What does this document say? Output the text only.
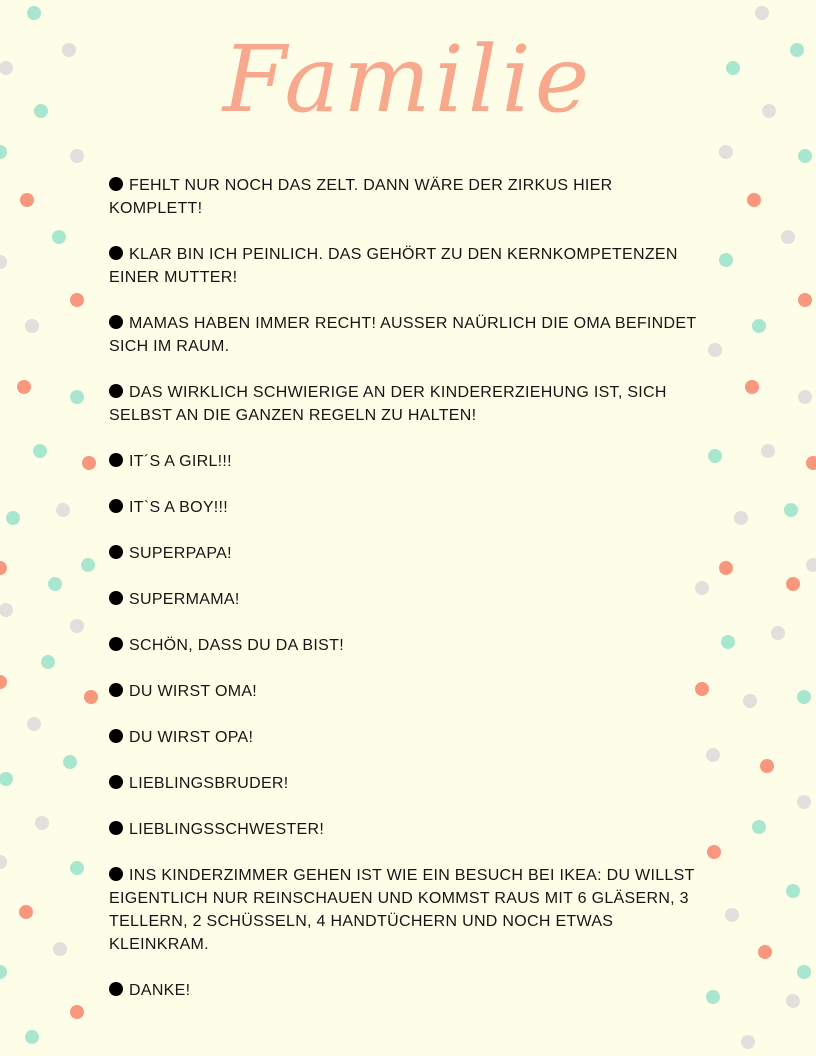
Familie
FEHLT NUR NOCH DAS ZELT. DANN WÄRE DER ZIRKUS HIER KOMPLETT!
KLAR BIN ICH PEINLICH. DAS GEHÖRT ZU DEN KERNKOMPETENZEN EINER MUTTER!
MAMAS HABEN IMMER RECHT! AUSSER NAÜRLICH DIE OMA BEFINDET SICH IM RAUM.
DAS WIRKLICH SCHWIERIGE AN DER KINDERERZIEHUNG IST, SICH SELBST AN DIE GANZEN REGELN ZU HALTEN!
IT´S A GIRL!!!
IT`S A BOY!!!
SUPERPAPA!
SUPERMAMA!
SCHÖN, DASS DU DA BIST!
DU WIRST OMA!
DU WIRST OPA!
LIEBLINGSBRUDER!
LIEBLINGSSCHWESTER!
INS KINDERZIMMER GEHEN IST WIE EIN BESUCH BEI IKEA: DU WILLST EIGENTLICH NUR REINSCHAUEN UND KOMMST RAUS MIT 6 GLÄSERN, 3 TELLERN, 2 SCHÜSSELN, 4 HANDTÜCHERN UND NOCH ETWAS KLEINKRAM.
DANKE!
